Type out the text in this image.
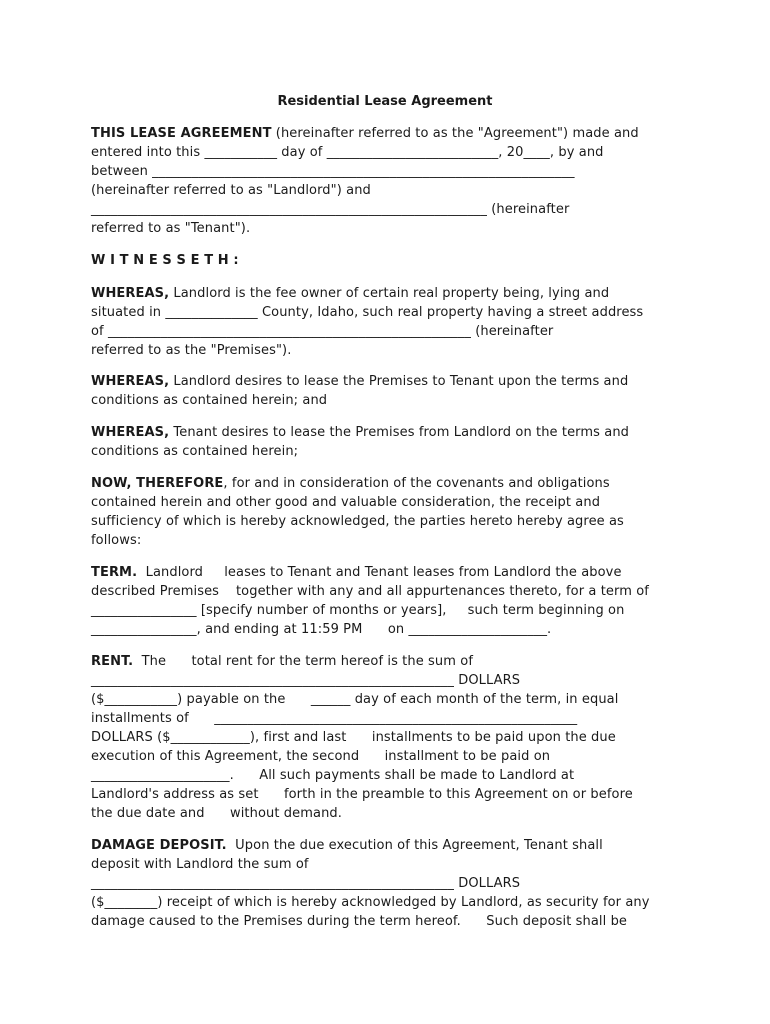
Residential Lease Agreement
THIS LEASE AGREEMENT (hereinafter referred to as the "Agreement") made and
entered into this ___________ day of __________________________, 20____, by and
between ________________________________________________________________
(hereinafter referred to as "Landlord") and
____________________________________________________________ (hereinafter
referred to as "Tenant").
W I T N E S S E T H :
WHEREAS, Landlord is the fee owner of certain real property being, lying and
situated in ______________ County, Idaho, such real property having a street address
of _______________________________________________________ (hereinafter
referred to as the "Premises").
WHEREAS, Landlord desires to lease the Premises to Tenant upon the terms and
conditions as contained herein; and
WHEREAS, Tenant desires to lease the Premises from Landlord on the terms and
conditions as contained herein;
NOW, THEREFORE, for and in consideration of the covenants and obligations
contained herein and other good and valuable consideration, the receipt and
sufficiency of which is hereby acknowledged, the parties hereto hereby agree as
follows:
TERM.  Landlord     leases to Tenant and Tenant leases from Landlord the above
described Premises    together with any and all appurtenances thereto, for a term of
________________ [specify number of months or years],     such term beginning on
________________, and ending at 11:59 PM      on _____________________.
RENT.  The      total rent for the term hereof is the sum of
_______________________________________________________ DOLLARS
($___________) payable on the      ______ day of each month of the term, in equal
installments of      _______________________________________________________
DOLLARS ($____________), first and last      installments to be paid upon the due
execution of this Agreement, the second      installment to be paid on
_____________________.      All such payments shall be made to Landlord at
Landlord's address as set      forth in the preamble to this Agreement on or before
the due date and      without demand.
DAMAGE DEPOSIT.  Upon the due execution of this Agreement, Tenant shall
deposit with Landlord the sum of
_______________________________________________________ DOLLARS
($________) receipt of which is hereby acknowledged by Landlord, as security for any
damage caused to the Premises during the term hereof.      Such deposit shall be
